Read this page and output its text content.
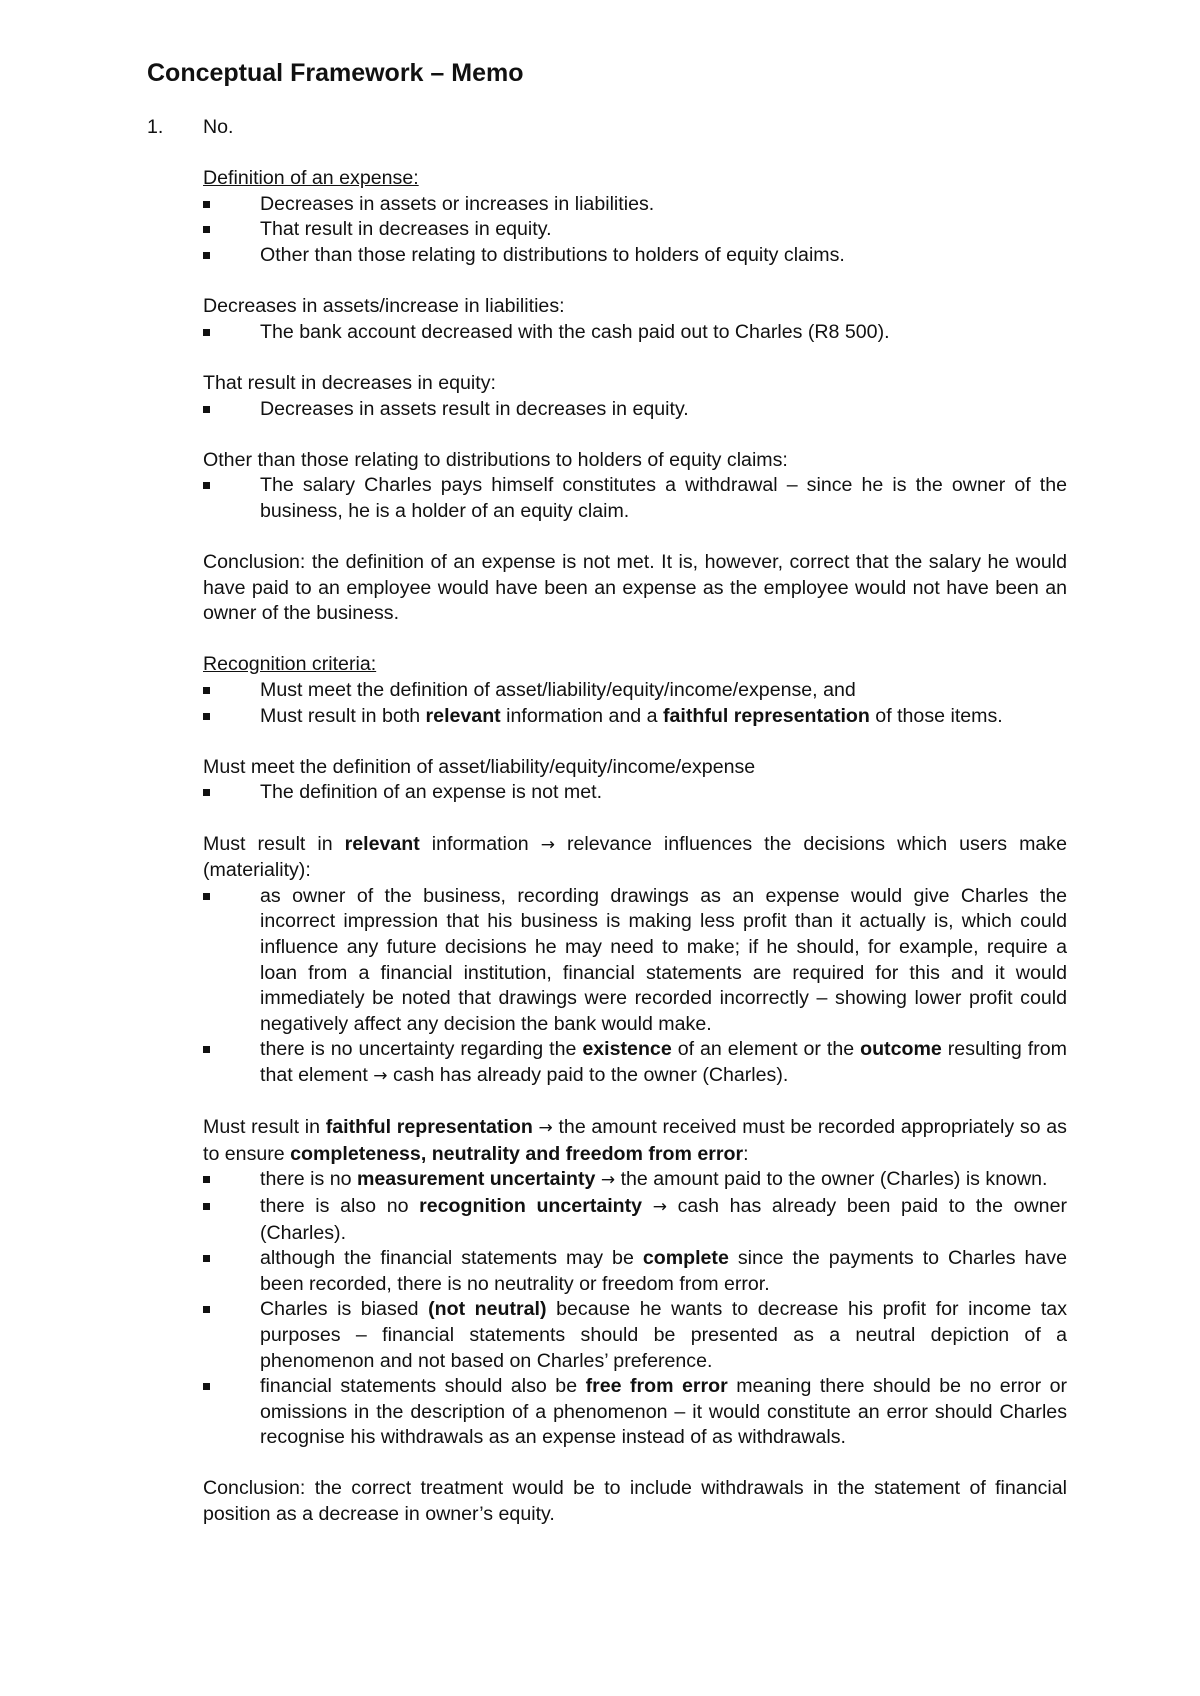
Conceptual Framework – Memo
1. No.
Definition of an expense:
Decreases in assets or increases in liabilities.
That result in decreases in equity.
Other than those relating to distributions to holders of equity claims.
Decreases in assets/increase in liabilities:
The bank account decreased with the cash paid out to Charles (R8 500).
That result in decreases in equity:
Decreases in assets result in decreases in equity.
Other than those relating to distributions to holders of equity claims:
The salary Charles pays himself constitutes a withdrawal – since he is the owner of the business, he is a holder of an equity claim.
Conclusion: the definition of an expense is not met. It is, however, correct that the salary he would have paid to an employee would have been an expense as the employee would not have been an owner of the business.
Recognition criteria:
Must meet the definition of asset/liability/equity/income/expense, and
Must result in both relevant information and a faithful representation of those items.
Must meet the definition of asset/liability/equity/income/expense
The definition of an expense is not met.
Must result in relevant information → relevance influences the decisions which users make (materiality):
as owner of the business, recording drawings as an expense would give Charles the incorrect impression that his business is making less profit than it actually is, which could influence any future decisions he may need to make; if he should, for example, require a loan from a financial institution, financial statements are required for this and it would immediately be noted that drawings were recorded incorrectly – showing lower profit could negatively affect any decision the bank would make.
there is no uncertainty regarding the existence of an element or the outcome resulting from that element → cash has already paid to the owner (Charles).
Must result in faithful representation → the amount received must be recorded appropriately so as to ensure completeness, neutrality and freedom from error:
there is no measurement uncertainty → the amount paid to the owner (Charles) is known.
there is also no recognition uncertainty → cash has already been paid to the owner (Charles).
although the financial statements may be complete since the payments to Charles have been recorded, there is no neutrality or freedom from error.
Charles is biased (not neutral) because he wants to decrease his profit for income tax purposes – financial statements should be presented as a neutral depiction of a phenomenon and not based on Charles’ preference.
financial statements should also be free from error meaning there should be no error or omissions in the description of a phenomenon – it would constitute an error should Charles recognise his withdrawals as an expense instead of as withdrawals.
Conclusion: the correct treatment would be to include withdrawals in the statement of financial position as a decrease in owner’s equity.
